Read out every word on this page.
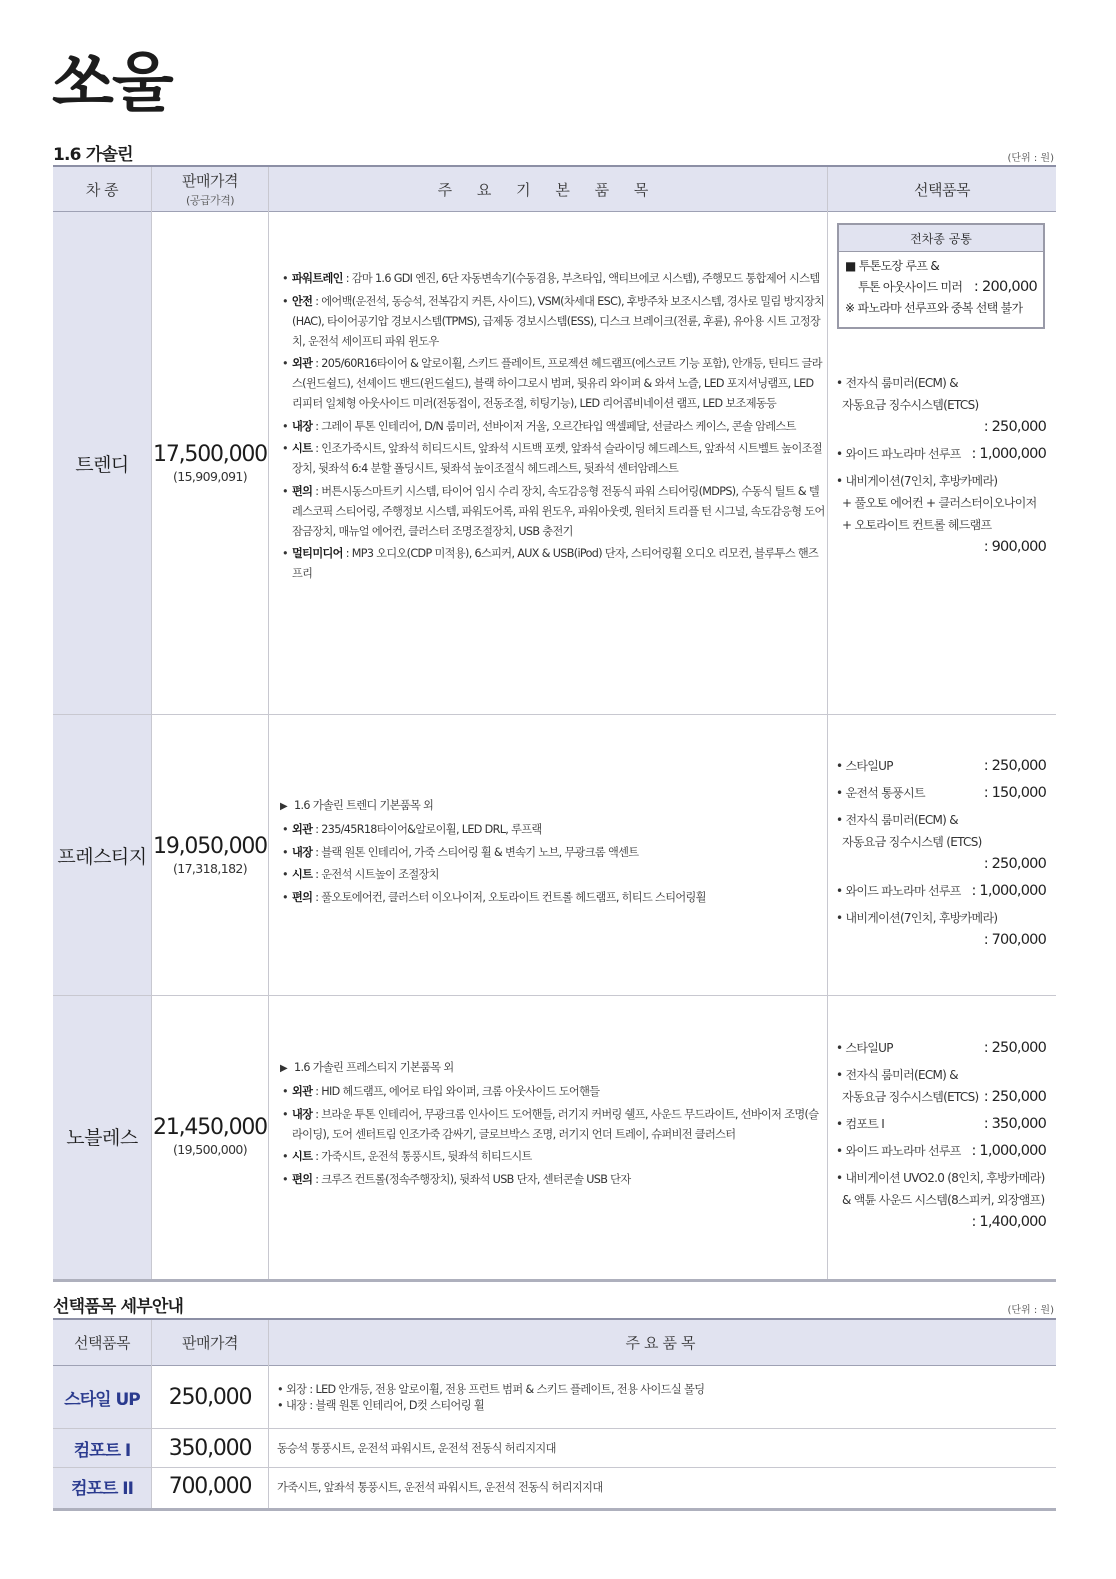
쏘울
1.6 가솔린	(단위 : 원)
차 종	판매가격
(공급가격)
주 요 기 본 품 목	선택품목
트렌디	17,500,000
(15,909,091)
• 파워트레인 : 감마 1.6 GDI 엔진, 6단 자동변속기(수동겸용, 부츠타입, 액티브에코 시스템), 주행모드 통합제어 시스템
• 안전 : 에어백(운전석, 동승석, 전복감지 커튼, 사이드), VSM(차세대 ESC), 후방주차 보조시스템, 경사로 밀림 방지장치(HAC), 타이어공기압 경보시스템(TPMS), 급제동 경보시스템(ESS), 디스크 브레이크(전륜, 후륜), 유아용 시트 고정장치, 운전석 세이프티 파워 윈도우
• 외관 : 205/60R16타이어 & 알로이휠, 스키드 플레이트, 프로젝션 헤드램프(에스코트 기능 포함), 안개등, 틴티드 글라스(윈드쉴드), 선셰이드 밴드(윈드쉴드), 블랙 하이그로시 범퍼, 뒷유리 와이퍼 & 와셔 노즐, LED 포지셔닝램프, LED 리피터 일체형 아웃사이드 미러(전동접이, 전동조절, 히팅기능), LED 리어콤비네이션 램프, LED 보조제동등
• 내장 : 그레이 투톤 인테리어, D/N 룸미러, 선바이저 거울, 오르간타입 액셀페달, 선글라스 케이스, 콘솔 암레스트
• 시트 : 인조가죽시트, 앞좌석 히티드시트, 앞좌석 시트백 포켓, 앞좌석 슬라이딩 헤드레스트, 앞좌석 시트벨트 높이조절장치, 뒷좌석 6:4 분할 폴딩시트, 뒷좌석 높이조절식 헤드레스트, 뒷좌석 센터암레스트
• 편의 : 버튼시동스마트키 시스템, 타이어 임시 수리 장치, 속도감응형 전동식 파워 스티어링(MDPS), 수동식 틸트 & 텔레스코픽 스티어링, 주행정보 시스템, 파워도어록, 파워 윈도우, 파워아웃렛, 원터치 트리플 턴 시그널, 속도감응형 도어 잠금장치, 매뉴얼 에어컨, 클러스터 조명조절장치, USB 충전기
• 멀티미디어 : MP3 오디오(CDP 미적용), 6스피커, AUX & USB(iPod) 단자, 스티어링휠 오디오 리모컨, 블루투스 핸즈프리
전차종 공통
■ 투톤도장 루프 &
투톤 아웃사이드 미러 : 200,000
※ 파노라마 선루프와 중복 선택 불가
• 전자식 룸미러(ECM) &
자동요금 징수시스템(ETCS)
: 250,000
• 와이드 파노라마 선루프 : 1,000,000
• 내비게이션(7인치, 후방카메라)
+ 풀오토 에어컨 + 클러스터이오나이저
+ 오토라이트 컨트롤 헤드램프
: 900,000
프레스티지 19,050,000
(17,318,182)
▶ 1.6 가솔린 트렌디 기본품목 외
• 외관 : 235/45R18타이어&알로이휠, LED DRL, 루프랙
• 내장 : 블랙 원톤 인테리어, 가죽 스티어링 휠 & 변속기 노브, 무광크롬 액센트
• 시트 : 운전석 시트높이 조절장치
• 편의 : 풀오토에어컨, 클러스터 이오나이저, 오토라이트 컨트롤 헤드램프, 히티드 스티어링휠
• 스타일UP	: 250,000
• 운전석 통풍시트	: 150,000
• 전자식 룸미러(ECM) &
자동요금 징수시스템 (ETCS)
: 250,000
• 와이드 파노라마 선루프 : 1,000,000
• 내비게이션(7인치, 후방카메라)
: 700,000
노블레스 21,450,000
(19,500,000)
▶ 1.6 가솔린 프레스티지 기본품목 외
• 외관 : HID 헤드램프, 에어로 타입 와이퍼, 크롬 아웃사이드 도어핸들
• 내장 : 브라운 투톤 인테리어, 무광크롬 인사이드 도어핸들, 러기지 커버링 쉘프, 사운드 무드라이트, 선바이저 조명(슬라이딩), 도어 센터트림 인조가죽 감싸기, 글로브박스 조명, 러기지 언더 트레이, 슈퍼비전 클러스터
• 시트 : 가죽시트, 운전석 통풍시트, 뒷좌석 히티드시트
• 편의 : 크루즈 컨트롤(정속주행장치), 뒷좌석 USB 단자, 센터콘솔 USB 단자
• 스타일UP	: 250,000
• 전자식 룸미러(ECM) &
자동요금 징수시스템(ETCS) : 250,000
• 컴포트 I	: 350,000
• 와이드 파노라마 선루프 : 1,000,000
• 내비게이션 UVO2.0 (8인치, 후방카메라)
& 액튠 사운드 시스템(8스피커, 외장앰프)
: 1,400,000
선택품목 세부안내	(단위 : 원)
선택품목	판매가격	주요품목
스타일 UP	250,000	• 외장 : LED 안개등, 전용 알로이휠, 전용 프런트 범퍼 & 스키드 플레이트, 전용 사이드실 몰딩
• 내장 : 블랙 원톤 인테리어, D컷 스티어링 휠
컴포트 I	350,000	동승석 통풍시트, 운전석 파워시트, 운전석 전동식 허리지지대
컴포트 II	700,000	가죽시트, 앞좌석 통풍시트, 운전석 파워시트, 운전석 전동식 허리지지대
